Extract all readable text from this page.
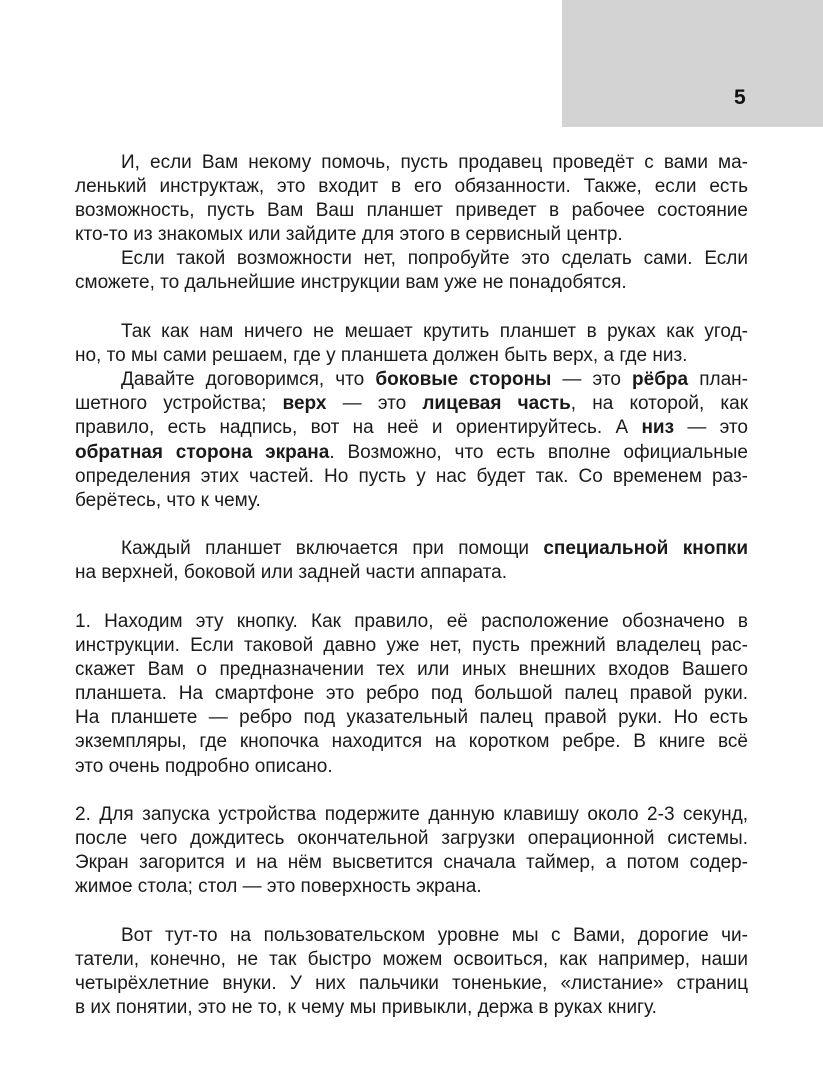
5
И, если Вам некому помочь, пусть продавец проведёт с вами ма-
ленький инструктаж, это входит в его обязанности. Также, если есть
возможность, пусть Вам Ваш планшет приведет в рабочее состояние
кто-то из знакомых или зайдите для этого в сервисный центр.
Если такой возможности нет, попробуйте это сделать сами. Если
сможете, то дальнейшие инструкции вам уже не понадобятся.
Так как нам ничего не мешает крутить планшет в руках как угод-
но, то мы сами решаем, где у планшета должен быть верх, а где низ.
Давайте договоримся, что боковые стороны — это рёбра план-
шетного устройства; верх — это лицевая часть, на которой, как
правило, есть надпись, вот на неё и ориентируйтесь. А низ — это
обратная сторона экрана. Возможно, что есть вполне официальные
определения этих частей. Но пусть у нас будет так. Со временем раз-
берётесь, что к чему.
Каждый планшет включается при помощи специальной кнопки
на верхней, боковой или задней части аппарата.
1. Находим эту кнопку. Как правило, её расположение обозначено в
инструкции. Если таковой давно уже нет, пусть прежний владелец рас-
скажет Вам о предназначении тех или иных внешних входов Вашего
планшета. На смартфоне это ребро под большой палец правой руки.
На планшете — ребро под указательный палец правой руки. Но есть
экземпляры, где кнопочка находится на коротком ребре. В книге всё
это очень подробно описано.
2. Для запуска устройства подержите данную клавишу около 2-3 секунд,
после чего дождитесь окончательной загрузки операционной системы.
Экран загорится и на нём высветится сначала таймер, а потом содер-
жимое стола; стол — это поверхность экрана.
Вот тут-то на пользовательском уровне мы с Вами, дорогие чи-
татели, конечно, не так быстро можем освоиться, как например, наши
четырёхлетние внуки. У них пальчики тоненькие, «листание» страниц
в их понятии, это не то, к чему мы привыкли, держа в руках книгу.
